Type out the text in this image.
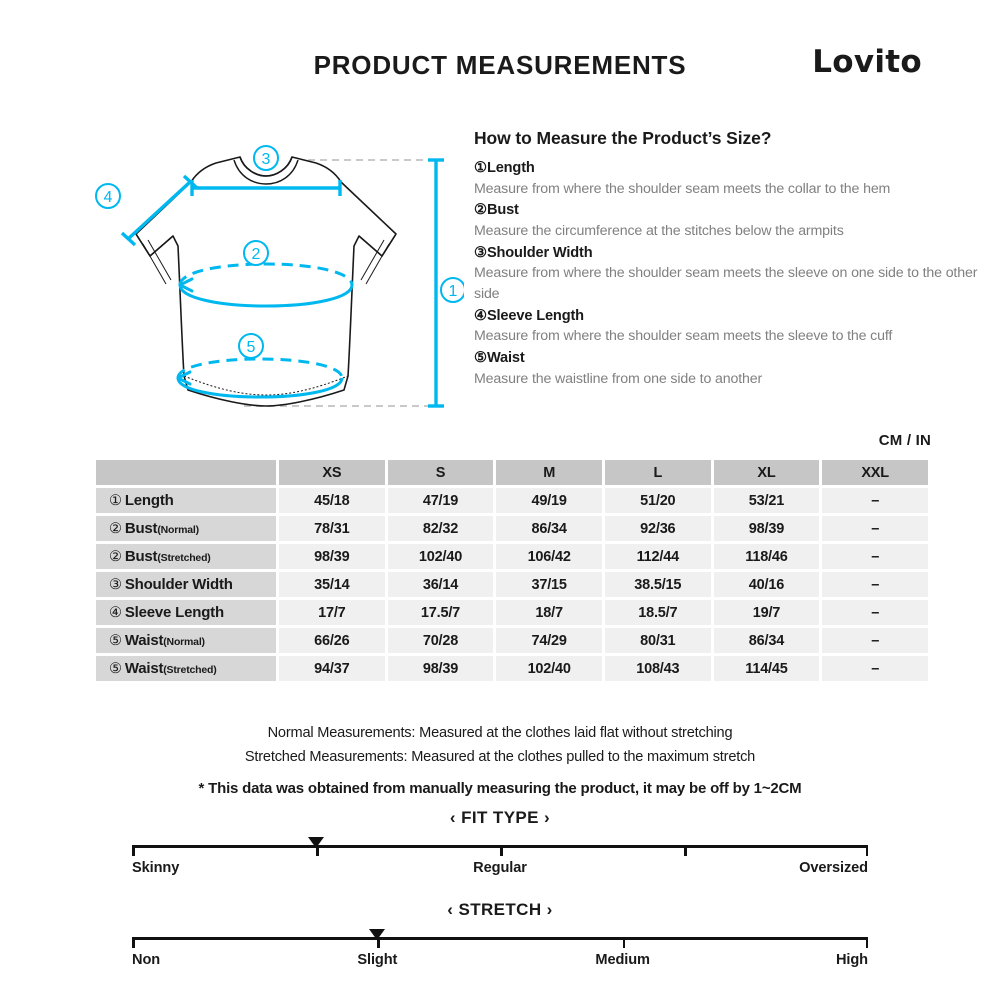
PRODUCT MEASUREMENTS	Lovito
3
4
2
5
1
How to Measure the Product’s Size?
①Length
Measure from where the shoulder seam meets the collar to the hem
②Bust
Measure the circumference at the stitches below the armpits
③Shoulder Width
Measure from where the shoulder seam meets the sleeve on one side to the other side
④Sleeve Length
Measure from where the shoulder seam meets the sleeve to the cuff
⑤Waist
Measure the waistline from one side to another
CM / IN
	XS	S	M	L	XL	XXL
① Length	45/18	47/19	49/19	51/20	53/21	–
② Bust(Normal)	78/31	82/32	86/34	92/36	98/39	–
② Bust(Stretched)	98/39	102/40	106/42	112/44	118/46	–
③ Shoulder Width	35/14	36/14	37/15	38.5/15	40/16	–
④ Sleeve Length	17/7	17.5/7	18/7	18.5/7	19/7	–
⑤ Waist(Normal)	66/26	70/28	74/29	80/31	86/34	–
⑤ Waist(Stretched)	94/37	98/39	102/40	108/43	114/45	–
Normal Measurements: Measured at the clothes laid flat without stretching
Stretched Measurements: Measured at the clothes pulled to the maximum stretch
* This data was obtained from manually measuring the product, it may be off by 1~2CM
‹ FIT TYPE ›
Skinny	Regular	Oversized
‹ STRETCH ›
Non	Slight	Medium	High
